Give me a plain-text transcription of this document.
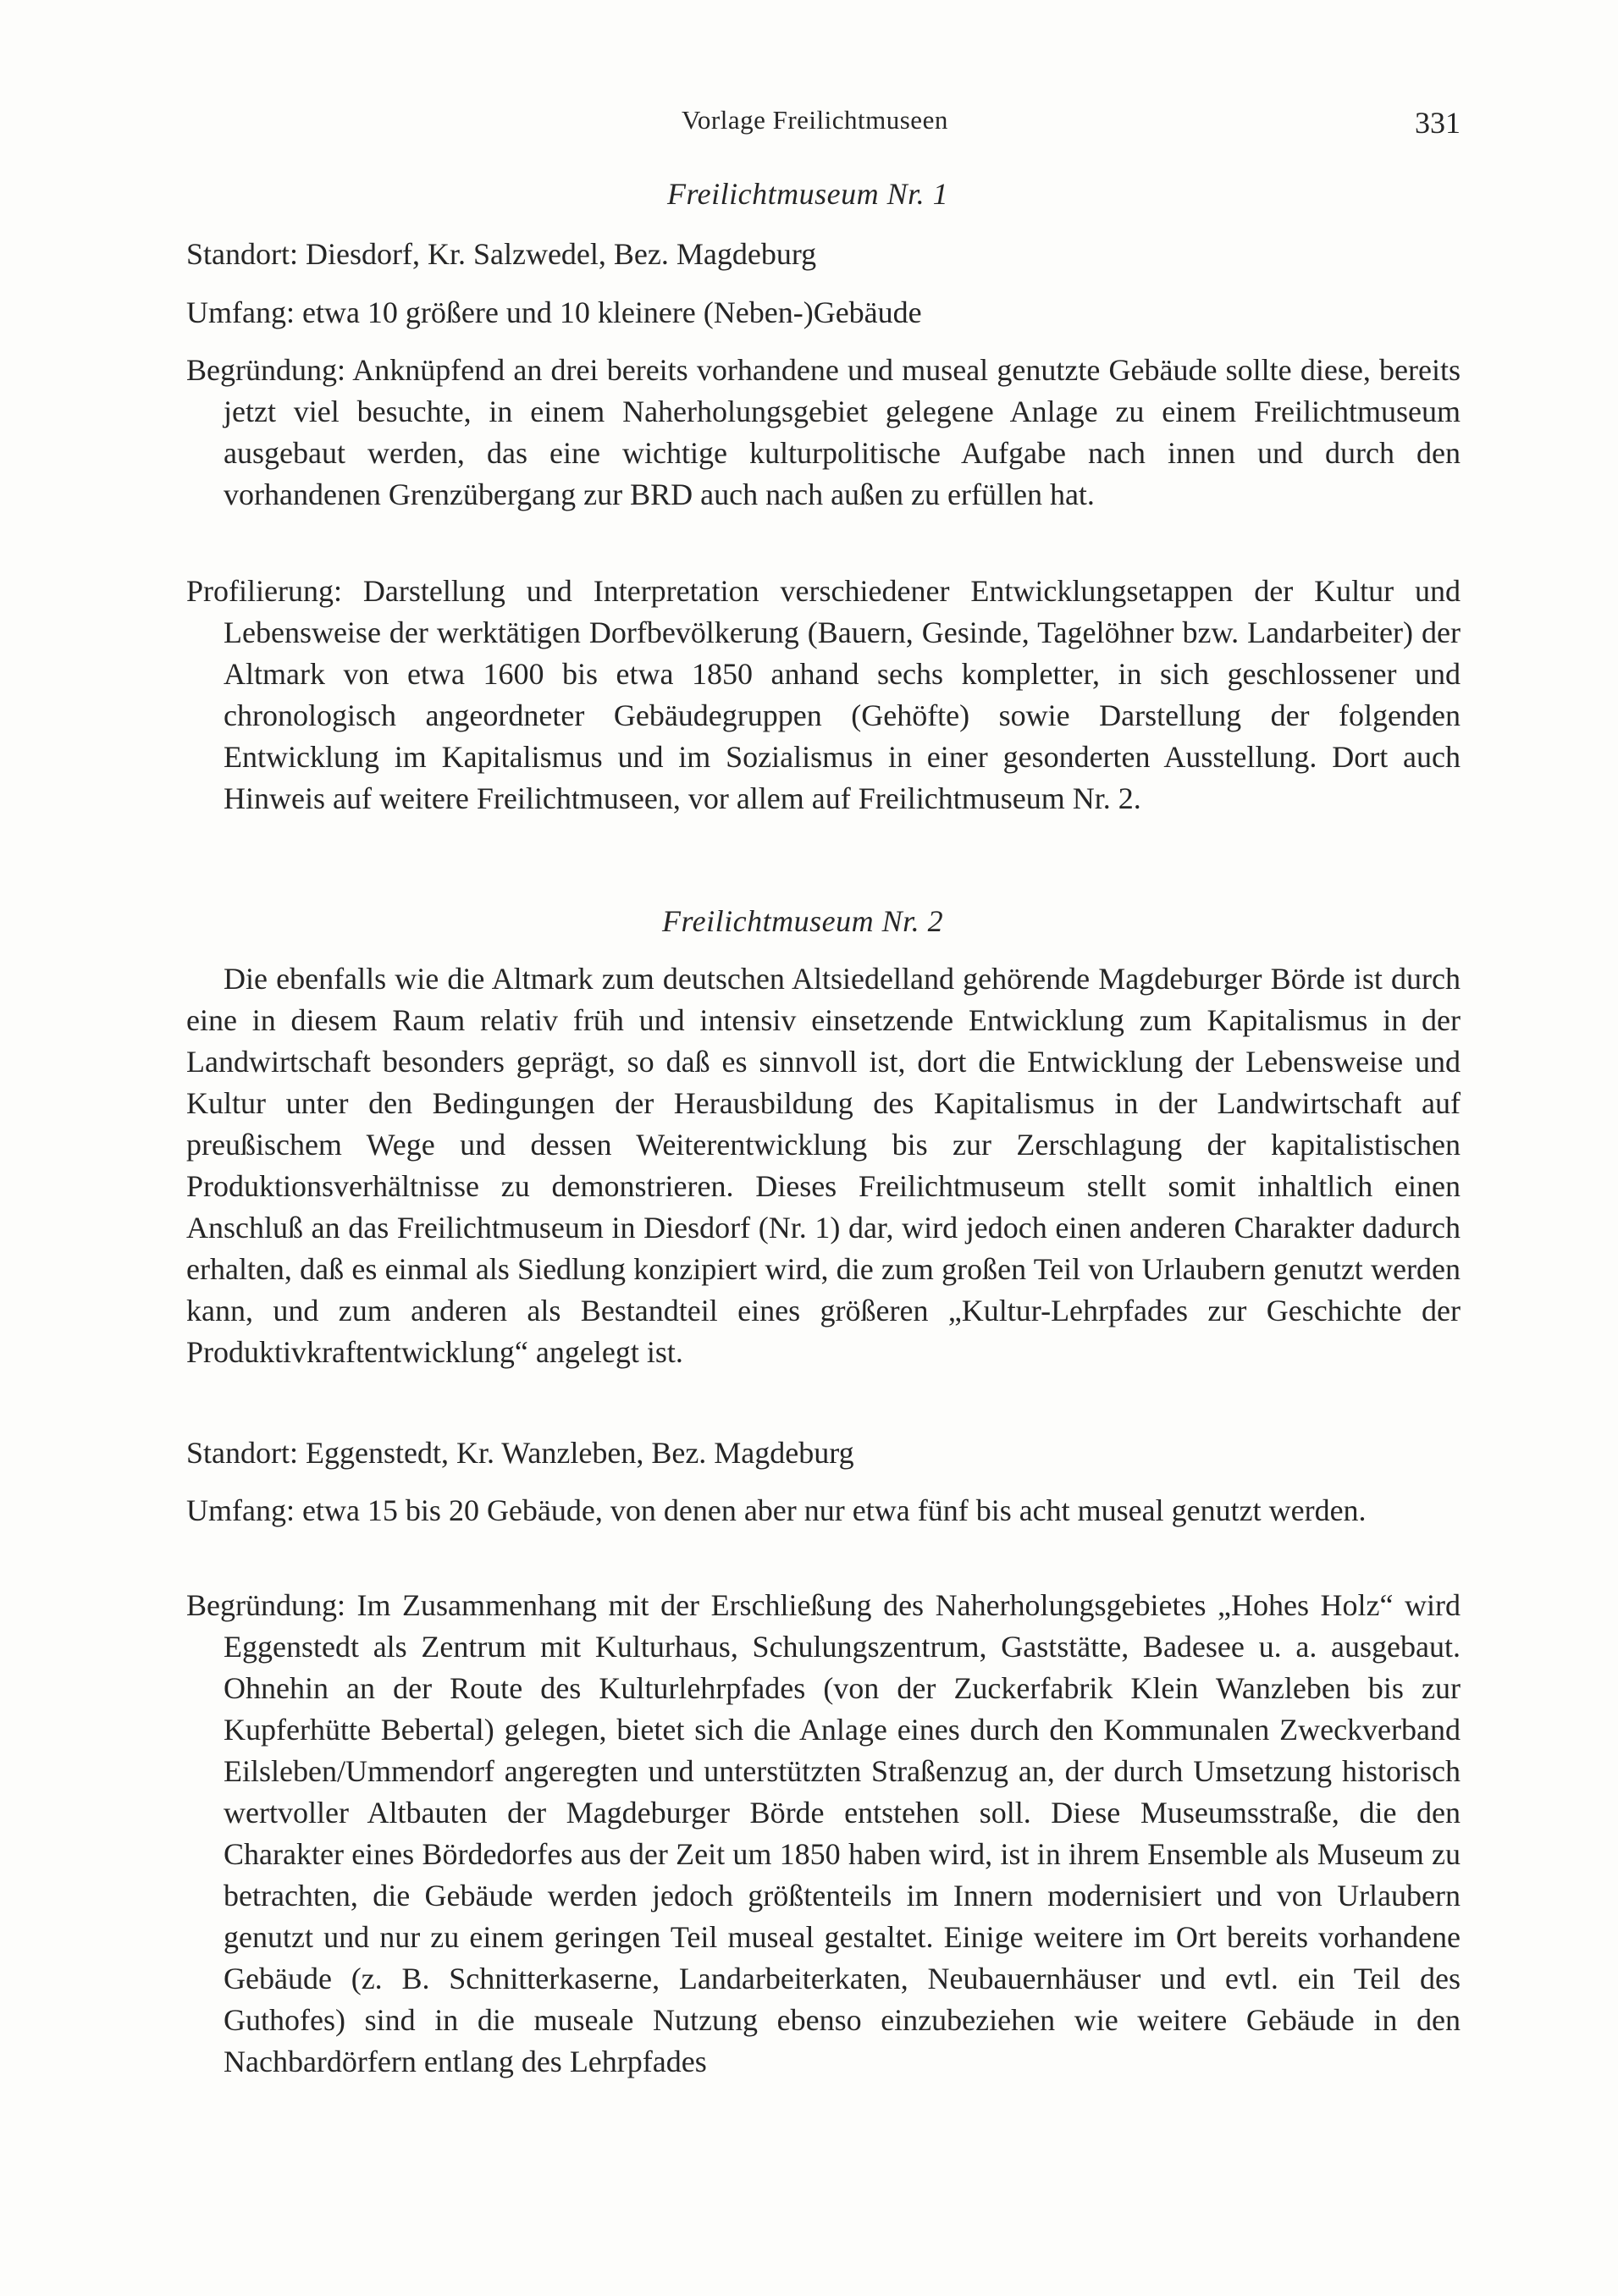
Vorlage Freilichtmuseen	331
Freilichtmuseum Nr. 1

Standort: Diesdorf, Kr. Salzwedel, Bez. Magdeburg

Umfang: etwa 10 größere und 10 kleinere (Neben-)Gebäude

Begründung: Anknüpfend an drei bereits vorhandene und museal genutzte Gebäude sollte diese, bereits jetzt viel besuchte, in einem Naherholungsgebiet gelegene Anlage zu einem Freilichtmuseum ausgebaut werden, das eine wichtige kulturpolitische Aufgabe nach innen und durch den vorhandenen Grenzübergang zur BRD auch nach außen zu erfüllen hat.

Profilierung: Darstellung und Interpretation verschiedener Entwicklungsetappen der Kultur und Lebensweise der werktätigen Dorfbevölkerung (Bauern, Gesinde, Tagelöhner bzw. Landarbeiter) der Altmark von etwa 1600 bis etwa 1850 anhand sechs kompletter, in sich geschlossener und chronologisch angeordneter Gebäudegruppen (Gehöfte) sowie Darstellung der folgenden Entwicklung im Kapitalismus und im Sozialismus in einer gesonderten Ausstellung. Dort auch Hinweis auf weitere Freilichtmuseen, vor allem auf Freilichtmuseum Nr. 2.

Freilichtmuseum Nr. 2

Die ebenfalls wie die Altmark zum deutschen Altsiedelland gehörende Magdeburger Börde ist durch eine in diesem Raum relativ früh und intensiv einsetzende Entwicklung zum Kapitalismus in der Landwirtschaft besonders geprägt, so daß es sinnvoll ist, dort die Entwicklung der Lebensweise und Kultur unter den Bedingungen der Herausbildung des Kapitalismus in der Landwirtschaft auf preußischem Wege und dessen Weiterentwicklung bis zur Zerschlagung der kapitalistischen Produktionsverhältnisse zu demonstrieren. Dieses Freilichtmuseum stellt somit inhaltlich einen Anschluß an das Freilichtmuseum in Diesdorf (Nr. 1) dar, wird jedoch einen anderen Charakter dadurch erhalten, daß es einmal als Siedlung konzipiert wird, die zum großen Teil von Urlaubern genutzt werden kann, und zum anderen als Bestandteil eines größeren „Kultur-Lehrpfades zur Geschichte der Produktivkraftentwicklung“ angelegt ist.

Standort: Eggenstedt, Kr. Wanzleben, Bez. Magdeburg

Umfang: etwa 15 bis 20 Gebäude, von denen aber nur etwa fünf bis acht museal genutzt werden.

Begründung: Im Zusammenhang mit der Erschließung des Naherholungsgebietes „Hohes Holz“ wird Eggenstedt als Zentrum mit Kulturhaus, Schulungszentrum, Gaststätte, Badesee u. a. ausgebaut. Ohnehin an der Route des Kulturlehrpfades (von der Zuckerfabrik Klein Wanzleben bis zur Kupferhütte Bebertal) gelegen, bietet sich die Anlage eines durch den Kommunalen Zweckverband Eilsleben/Ummendorf angeregten und unterstützten Straßenzug an, der durch Umsetzung historisch wertvoller Altbauten der Magdeburger Börde entstehen soll. Diese Museumsstraße, die den Charakter eines Bördedorfes aus der Zeit um 1850 haben wird, ist in ihrem Ensemble als Museum zu betrachten, die Gebäude werden jedoch größtenteils im Innern modernisiert und von Urlaubern genutzt und nur zu einem geringen Teil museal gestaltet. Einige weitere im Ort bereits vorhandene Gebäude (z. B. Schnitterkaserne, Landarbeiterkaten, Neubauernhäuser und evtl. ein Teil des Guthofes) sind in die museale Nutzung ebenso einzubeziehen wie weitere Gebäude in den Nachbardörfern entlang des Lehrpfades
